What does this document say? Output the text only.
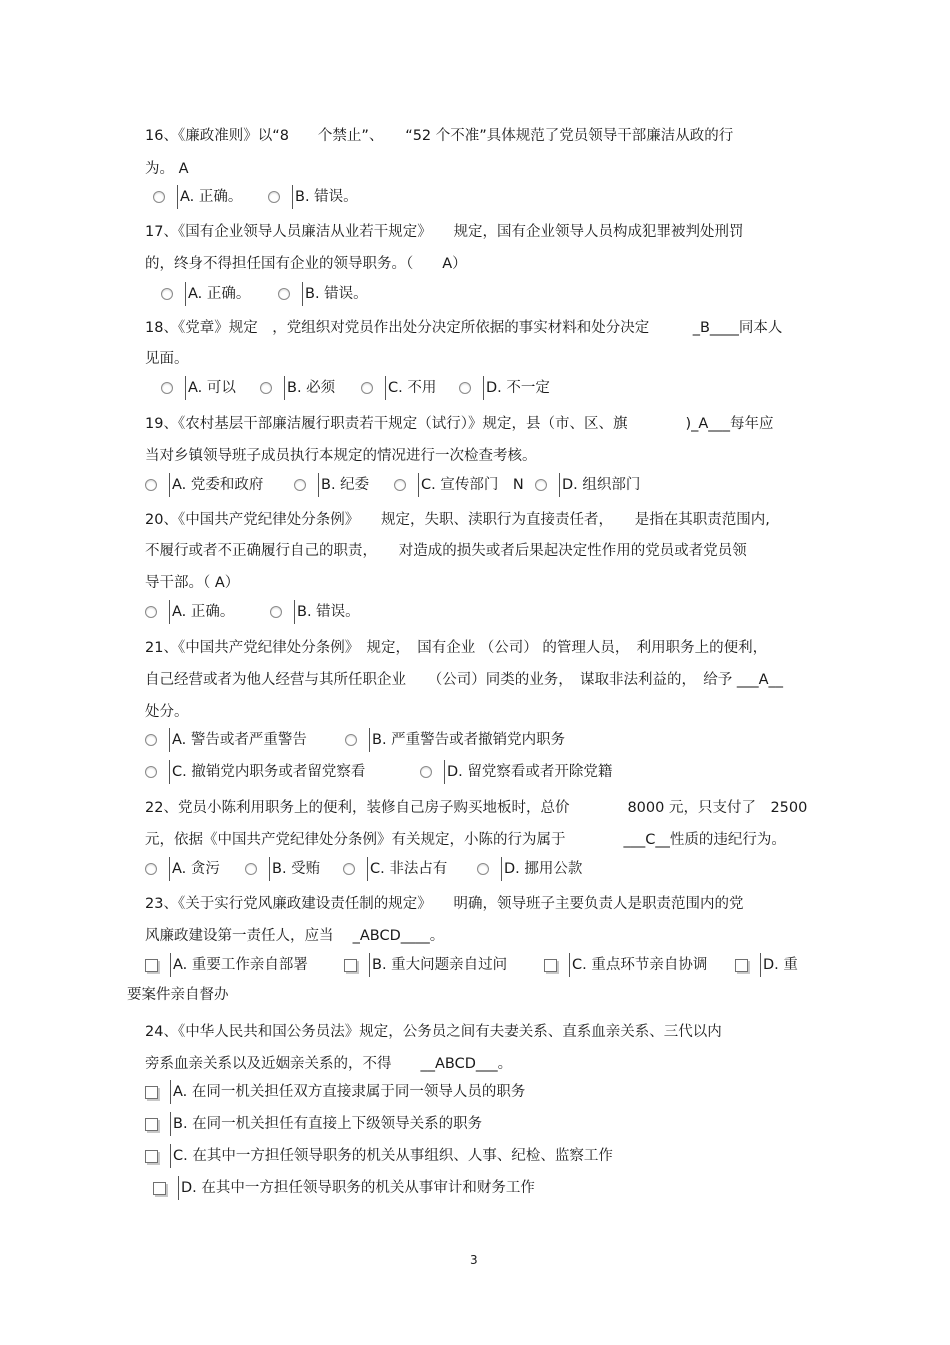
16、《廉政准则》以“8　　个禁止”、　　“52 个不准”具体规范了党员领导干部廉洁从政的行
为。 A
A. 正确。	B. 错误。
17、《国有企业领导人员廉洁从业若干规定》　　规定，国有企业领导人员构成犯罪被判处刑罚
的，终身不得担任国有企业的领导职务。（　　A）
A. 正确。	B. 错误。
18、《党章》规定　，党组织对党员作出处分决定所依据的事实材料和处分决定　　　_B____同本人
见面。
A. 可以	B. 必须	C. 不用	D. 不一定
19、《农村基层干部廉洁履行职责若干规定（试行）》规定，县（市、区、旗　　　　)_A___每年应
当对乡镇领导班子成员执行本规定的情况进行一次检查考核。
A. 党委和政府	B. 纪委	C. 宣传部门　N	D. 组织部门
20、《中国共产党纪律处分条例》　　规定，失职、渎职行为直接责任者，　　是指在其职责范围内,
不履行或者不正确履行自己的职责，　　对造成的损失或者后果起决定性作用的党员或者党员领
导干部。（ A）
A. 正确。	B. 错误。
21、《中国共产党纪律处分条例》　规定，　国有企业 （公司） 的管理人员，　利用职务上的便利，
自己经营或者为他人经营与其所任职企业　　（公司）同类的业务，　谋取非法利益的，　给予 ___A__
处分。
A. 警告或者严重警告	B. 严重警告或者撤销党内职务
C. 撤销党内职务或者留党察看	D. 留党察看或者开除党籍
22、党员小陈利用职务上的便利，装修自己房子购买地板时，总价　　　　8000 元，只支付了　2500
元，依据《中国共产党纪律处分条例》有关规定，小陈的行为属于　　　　___C__性质的违纪行为。
A. 贪污	B. 受贿	C. 非法占有	D. 挪用公款
23、《关于实行党风廉政建设责任制的规定》　　明确，领导班子主要负责人是职责范围内的党
风廉政建设第一责任人，应当　 _ABCD____。
A. 重要工作亲自部署	B. 重大问题亲自过问	C. 重点环节亲自协调	D. 重
要案件亲自督办
24、《中华人民共和国公务员法》规定，公务员之间有夫妻关系、直系血亲关系、三代以内
旁系血亲关系以及近姻亲关系的，不得　　__ABCD___。
A. 在同一机关担任双方直接隶属于同一领导人员的职务
B. 在同一机关担任有直接上下级领导关系的职务
C. 在其中一方担任领导职务的机关从事组织、人事、纪检、监察工作
D. 在其中一方担任领导职务的机关从事审计和财务工作
3
